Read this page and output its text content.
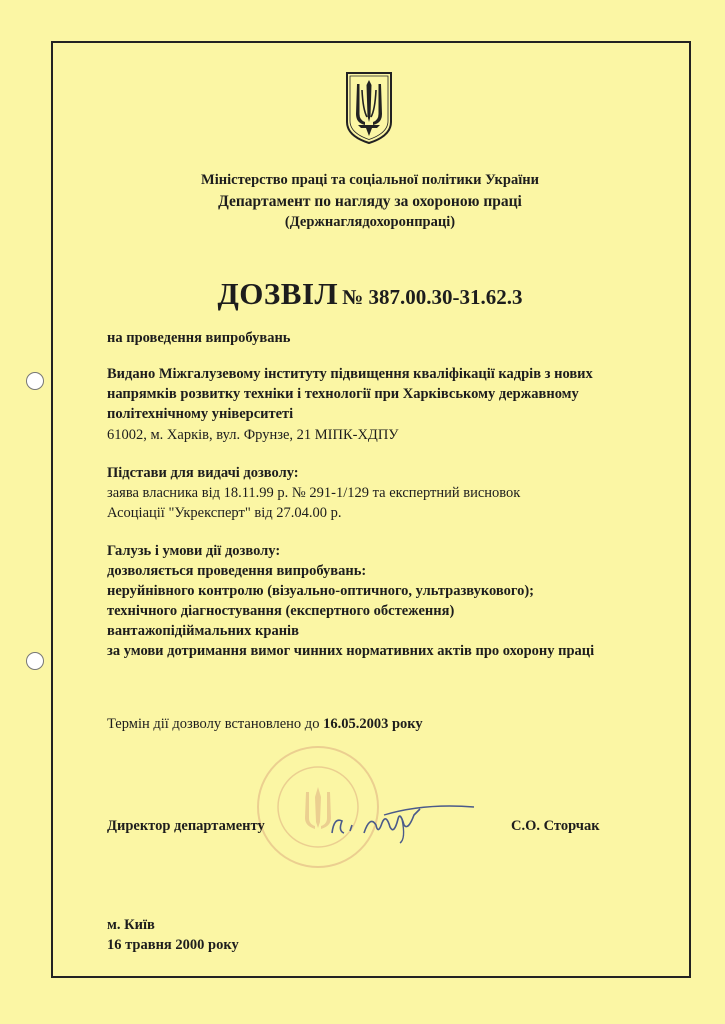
Міністерство праці та соціальної політики України
Департамент по нагляду за охороною праці
(Держнаглядохоронпраці)
ДОЗВІЛ № 387.00.30-31.62.3
на проведення випробувань
Видано Міжгалузевому інституту підвищення кваліфікації кадрів з нових
напрямків розвитку техніки і технології при Харківському державному
політехнічному університеті
61002, м. Харків, вул. Фрунзе, 21 МІПК-ХДПУ
Підстави для видачі дозволу:
заява власника від 18.11.99 р. № 291-1/129 та експертний висновок
Асоціації "Укрексперт" від 27.04.00 р.
Галузь і умови дії дозволу:
дозволяється проведення випробувань:
неруйнівного контролю (візуально-оптичного, ультразвукового);
технічного діагностування (експертного обстеження)
вантажопідіймальних кранів
за умови дотримання вимог чинних нормативних актів про охорону праці
Термін дії дозволу встановлено до 16.05.2003 року
Директор департаменту	С.О. Сторчак
м. Київ
16 травня 2000 року
